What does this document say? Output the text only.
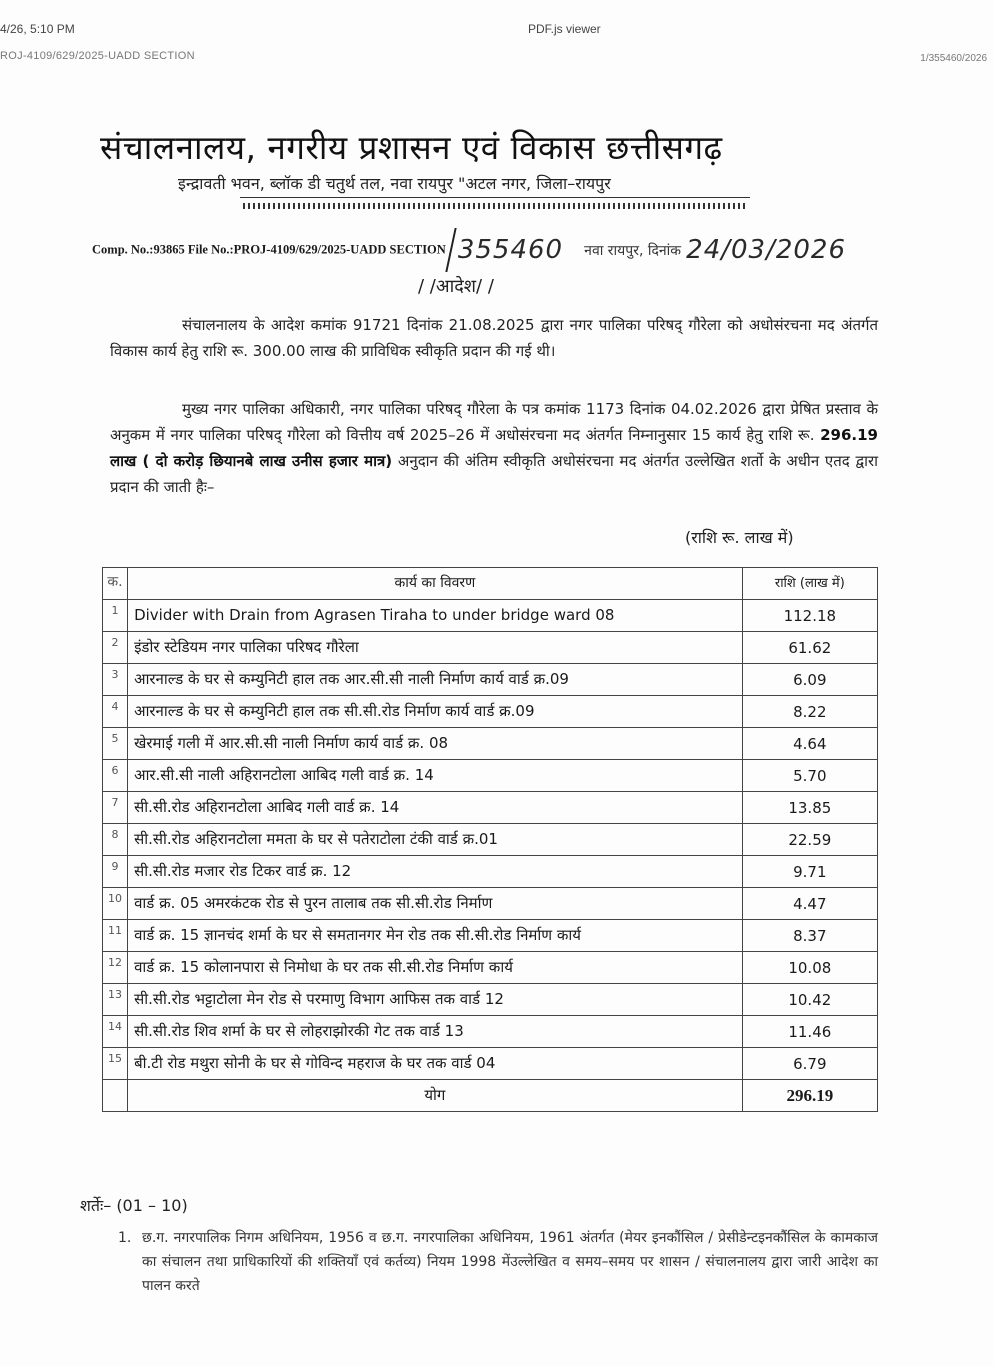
4/26, 5:10 PM	PDF.js viewer
ROJ-4109/629/2025-UADD SECTION	1/355460/2026
संचालनालय, नगरीय प्रशासन एवं विकास छत्तीसगढ़
इन्द्रावती भवन, ब्लॉक डी चतुर्थ तल, नवा रायपुर "अटल नगर, जिला–रायपुर
Comp. No.:93865 File No.:PROJ-4109/629/2025-UADD SECTION 355460 नवा रायपुर, दिनांक 24/03/2026
/ /आदेश/ /
संचालनालय के आदेश कमांक 91721 दिनांक 21.08.2025 द्वारा नगर पालिका परिषद् गौरेला को अधोसंरचना मद अंतर्गत विकास कार्य हेतु राशि रू. 300.00 लाख की प्राविधिक स्वीकृति प्रदान की गई थी।
मुख्य नगर पालिका अधिकारी, नगर पालिका परिषद् गौरेला के पत्र कमांक 1173 दिनांक 04.02.2026 द्वारा प्रेषित प्रस्ताव के अनुकम में नगर पालिका परिषद् गौरेला को वित्तीय वर्ष 2025–26 में अधोसंरचना मद अंतर्गत निम्नानुसार 15 कार्य हेतु राशि रू. 296.19 लाख ( दो करोड़ छियानबे लाख उनीस हजार मात्र) अनुदान की अंतिम स्वीकृति अधोसंरचना मद अंतर्गत उल्लेखित शर्तो के अधीन एतद द्वारा प्रदान की जाती हैः–
(राशि रू. लाख में)
क.	कार्य का विवरण	राशि (लाख में)
1	Divider with Drain from Agrasen Tiraha to under bridge ward 08	112.18
2	इंडोर स्टेडियम नगर पालिका परिषद गौरेला	61.62
3	आरनाल्ड के घर से कम्युनिटी हाल तक आर.सी.सी नाली निर्माण कार्य वार्ड क्र.09	6.09
4	आरनाल्ड के घर से कम्युनिटी हाल तक सी.सी.रोड निर्माण कार्य वार्ड क्र.09	8.22
5	खेरमाई गली में आर.सी.सी नाली निर्माण कार्य वार्ड क्र. 08	4.64
6	आर.सी.सी नाली अहिरानटोला आबिद गली वार्ड क्र. 14	5.70
7	सी.सी.रोड अहिरानटोला आबिद गली वार्ड क्र. 14	13.85
8	सी.सी.रोड अहिरानटोला ममता के घर से पतेराटोला टंकी वार्ड क्र.01	22.59
9	सी.सी.रोड मजार रोड टिकर वार्ड क्र. 12	9.71
10	वार्ड क्र. 05 अमरकंटक रोड से पुरन तालाब तक सी.सी.रोड निर्माण	4.47
11	वार्ड क्र. 15 ज्ञानचंद शर्मा के घर से समतानगर मेन रोड तक सी.सी.रोड निर्माण कार्य	8.37
12	वार्ड क्र. 15 कोलानपारा से निमोधा के घर तक सी.सी.रोड निर्माण कार्य	10.08
13	सी.सी.रोड भट्टाटोला मेन रोड से परमाणु विभाग आफिस तक वार्ड 12	10.42
14	सी.सी.रोड शिव शर्मा के घर से लोहराझोरकी गेट तक वार्ड 13	11.46
15	बी.टी रोड मथुरा सोनी के घर से गोविन्द महराज के घर तक वार्ड 04	6.79
	योग	296.19
शर्तेः– (01 – 10)
1. छ.ग. नगरपालिक निगम अधिनियम, 1956 व छ.ग. नगरपालिका अधिनियम, 1961 अंतर्गत (मेयर इनकौंसिल / प्रेसीडेन्टइनकौंसिल के कामकाज का संचालन तथा प्राधिकारियों की शक्तियाँ एवं कर्तव्य) नियम 1998 मेंउल्लेखित व समय–समय पर शासन / संचालनालय द्वारा जारी आदेश का पालन करते
